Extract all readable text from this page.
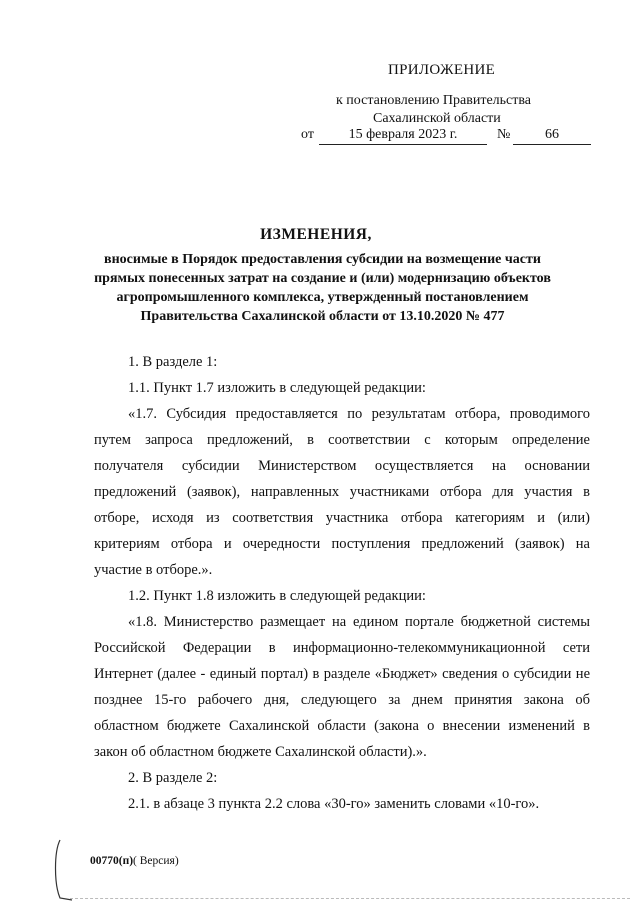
ПРИЛОЖЕНИЕ
к постановлению Правительства
Сахалинской области
от	15 февраля 2023 г.	№	66
ИЗМЕНЕНИЯ,
вносимые в Порядок предоставления субсидии на возмещение части
прямых понесенных затрат на создание и (или) модернизацию объектов
агропромышленного комплекса, утвержденный постановлением
Правительства Сахалинской области от 13.10.2020 № 477
1. В разделе 1:
1.1. Пункт 1.7 изложить в следующей редакции:
«1.7. Субсидия предоставляется по результатам отбора, проводимого
путем запроса предложений, в соответствии с которым определение
получателя субсидии Министерством осуществляется на основании
предложений (заявок), направленных участниками отбора для участия в
отборе, исходя из соответствия участника отбора категориям и (или)
критериям отбора и очередности поступления предложений (заявок) на
участие в отборе.».
1.2. Пункт 1.8 изложить в следующей редакции:
«1.8. Министерство размещает на едином портале бюджетной системы
Российской Федерации в информационно-телекоммуникационной сети
Интернет (далее - единый портал) в разделе «Бюджет» сведения о субсидии не
позднее 15-го рабочего дня, следующего за днем принятия закона об
областном бюджете Сахалинской области (закона о внесении изменений в
закон об областном бюджете Сахалинской области).».
2. В разделе 2:
2.1. в абзаце 3 пункта 2.2 слова «30-го» заменить словами «10-го».
00770(п)( Версия)
